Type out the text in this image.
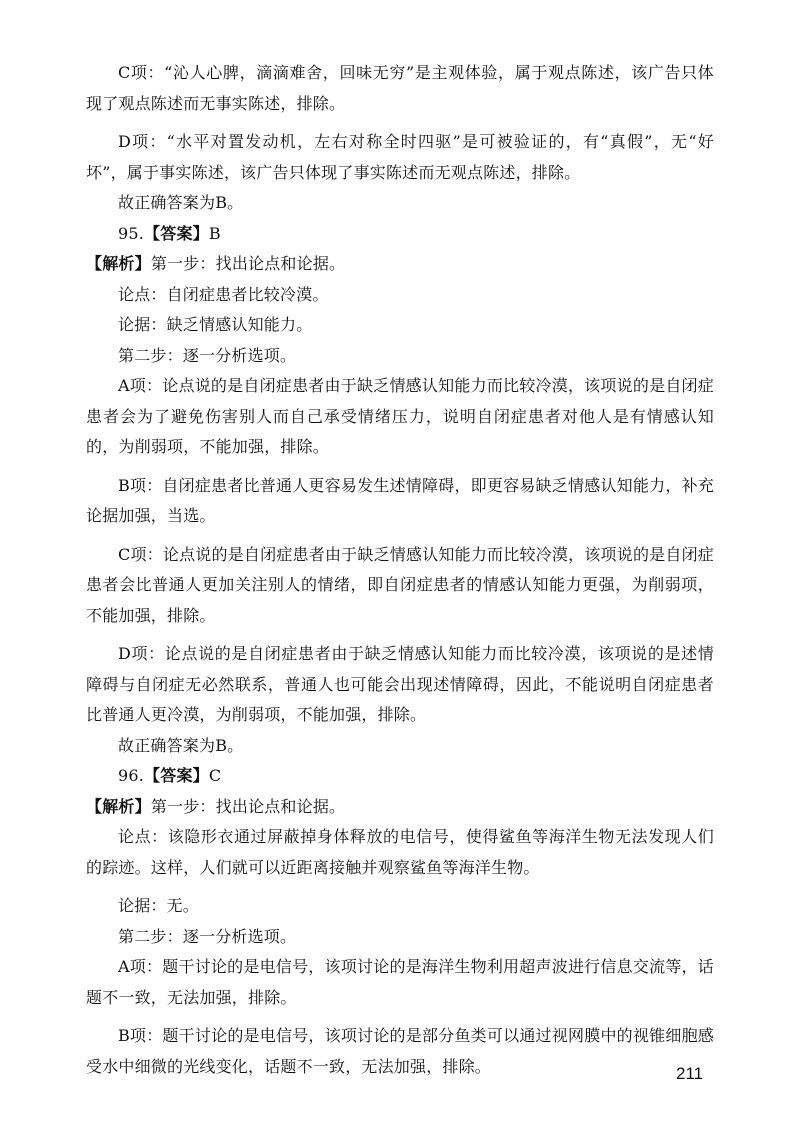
C项：“沁人心脾，滴滴难舍，回味无穷”是主观体验，属于观点陈述，该广告只体现了观点陈述而无事实陈述，排除。

D项：“水平对置发动机，左右对称全时四驱”是可被验证的，有“真假”，无“好坏”，属于事实陈述，该广告只体现了事实陈述而无观点陈述，排除。

故正确答案为B。

95.【答案】B

【解析】第一步：找出论点和论据。

论点：自闭症患者比较冷漠。

论据：缺乏情感认知能力。

第二步：逐一分析选项。

A项：论点说的是自闭症患者由于缺乏情感认知能力而比较冷漠，该项说的是自闭症患者会为了避免伤害别人而自己承受情绪压力，说明自闭症患者对他人是有情感认知的，为削弱项，不能加强，排除。

B项：自闭症患者比普通人更容易发生述情障碍，即更容易缺乏情感认知能力，补充论据加强，当选。

C项：论点说的是自闭症患者由于缺乏情感认知能力而比较冷漠，该项说的是自闭症患者会比普通人更加关注别人的情绪，即自闭症患者的情感认知能力更强，为削弱项，不能加强，排除。

D项：论点说的是自闭症患者由于缺乏情感认知能力而比较冷漠，该项说的是述情障碍与自闭症无必然联系，普通人也可能会出现述情障碍，因此，不能说明自闭症患者比普通人更冷漠，为削弱项，不能加强，排除。

故正确答案为B。

96.【答案】C

【解析】第一步：找出论点和论据。

论点：该隐形衣通过屏蔽掉身体释放的电信号，使得鲨鱼等海洋生物无法发现人们的踪迹。这样，人们就可以近距离接触并观察鲨鱼等海洋生物。

论据：无。

第二步：逐一分析选项。

A项：题干讨论的是电信号，该项讨论的是海洋生物利用超声波进行信息交流等，话题不一致，无法加强，排除。

B项：题干讨论的是电信号，该项讨论的是部分鱼类可以通过视网膜中的视锥细胞感受水中细微的光线变化，话题不一致，无法加强，排除。	211
